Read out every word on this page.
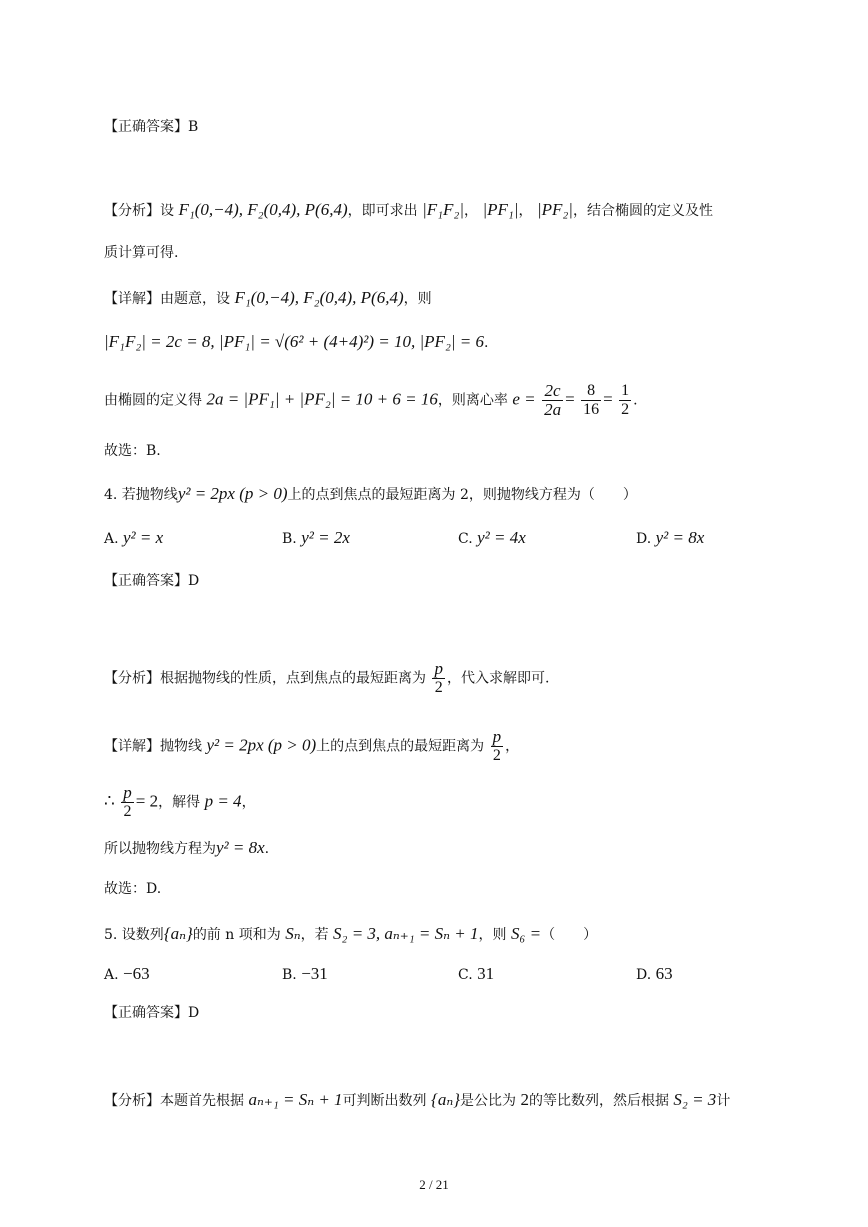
【正确答案】B
【分析】设 F₁(0,−4), F₂(0,4), P(6,4)，即可求出 |F₁F₂|， |PF₁|， |PF₂|，结合椭圆的定义及性
质计算可得.
【详解】由题意，设 F₁(0,−4), F₂(0,4), P(6,4)，则
|F₁F₂| = 2c = 8, |PF₁| = √(6² + (4+4)²) = 10, |PF₂| = 6.
由椭圆的定义得 2a = |PF₁| + |PF₂| = 10 + 6 = 16，则离心率 $e = \frac{2c}{2a} = \frac{8}{16} = \frac{1}{2}$ .
故选：B.
4. 若抛物线y² = 2px (p > 0)上的点到焦点的最短距离为 2，则抛物线方程为（　　）
A. y² = x	B. y² = 2x	C. y² = 4x	D. y² = 8x
【正确答案】D
【分析】根据抛物线的性质，点到焦点的最短距离为 $\frac{p}{2}$ ，代入求解即可.
【详解】抛物线 y² = 2px (p > 0)上的点到焦点的最短距离为 $\frac{p}{2}$ ，
∴ $\frac{p}{2} = 2$，解得 p = 4，
所以抛物线方程为y² = 8x.
故选：D.
5. 设数列{aₙ}的前 n 项和为 Sₙ，若 S₂ = 3, aₙ₊₁ = Sₙ + 1，则 S₆ =（　　）
A. −63	B. −31	C. 31	D. 63
【正确答案】D
【分析】本题首先根据 aₙ₊₁ = Sₙ + 1可判断出数列 {aₙ}是公比为 2的等比数列，然后根据 S₂ = 3计
2 / 21
